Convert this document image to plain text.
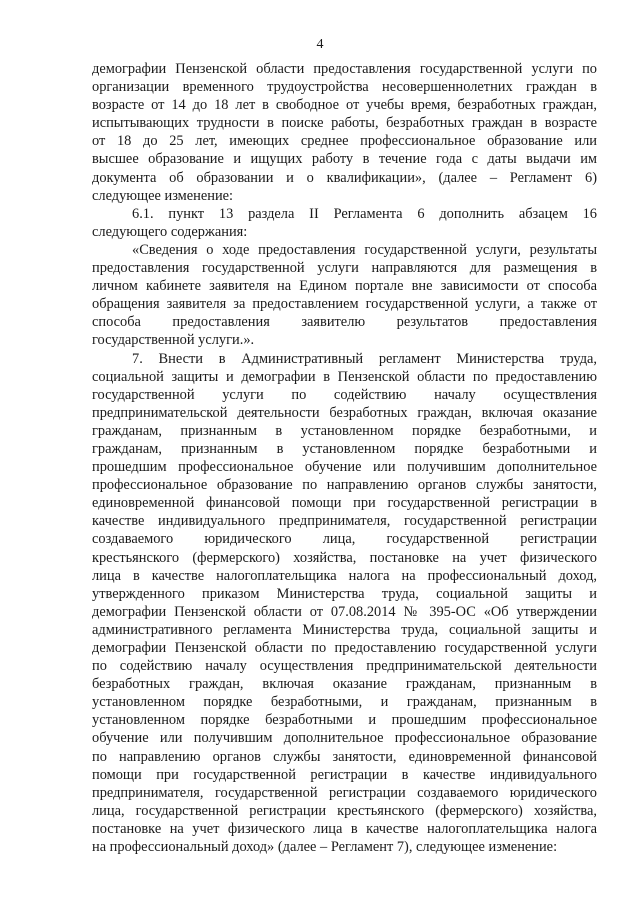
4
демографии Пензенской области предоставления государственной услуги по
организации временного трудоустройства несовершеннолетних граждан в
возрасте от 14 до 18 лет в свободное от учебы время, безработных граждан,
испытывающих трудности в поиске работы, безработных граждан в возрасте
от 18 до 25 лет, имеющих среднее профессиональное образование или
высшее образование и ищущих работу в течение года с даты выдачи им
документа об образовании и о квалификации», (далее – Регламент 6)
следующее изменение:
6.1. пункт 13 раздела II Регламента 6 дополнить абзацем 16
следующего содержания:
«Сведения о ходе предоставления государственной услуги, результаты
предоставления государственной услуги направляются для размещения в
личном кабинете заявителя на Едином портале вне зависимости от способа
обращения заявителя за предоставлением государственной услуги, а также от
способа предоставления заявителю результатов предоставления
государственной услуги.».
7. Внести в Административный регламент Министерства труда,
социальной защиты и демографии в Пензенской области по предоставлению
государственной услуги по содействию началу осуществления
предпринимательской деятельности безработных граждан, включая оказание
гражданам, признанным в установленном порядке безработными, и
гражданам, признанным в установленном порядке безработными и
прошедшим профессиональное обучение или получившим дополнительное
профессиональное образование по направлению органов службы занятости,
единовременной финансовой помощи при государственной регистрации в
качестве индивидуального предпринимателя, государственной регистрации
создаваемого юридического лица, государственной регистрации
крестьянского (фермерского) хозяйства, постановке на учет физического
лица в качестве налогоплательщика налога на профессиональный доход,
утвержденного приказом Министерства труда, социальной защиты и
демографии Пензенской области от 07.08.2014 № 395-ОС «Об утверждении
административного регламента Министерства труда, социальной защиты и
демографии Пензенской области по предоставлению государственной услуги
по содействию началу осуществления предпринимательской деятельности
безработных граждан, включая оказание гражданам, признанным в
установленном порядке безработными, и гражданам, признанным в
установленном порядке безработными и прошедшим профессиональное
обучение или получившим дополнительное профессиональное образование
по направлению органов службы занятости, единовременной финансовой
помощи при государственной регистрации в качестве индивидуального
предпринимателя, государственной регистрации создаваемого юридического
лица, государственной регистрации крестьянского (фермерского) хозяйства,
постановке на учет физического лица в качестве налогоплательщика налога
на профессиональный доход» (далее – Регламент 7), следующее изменение:
